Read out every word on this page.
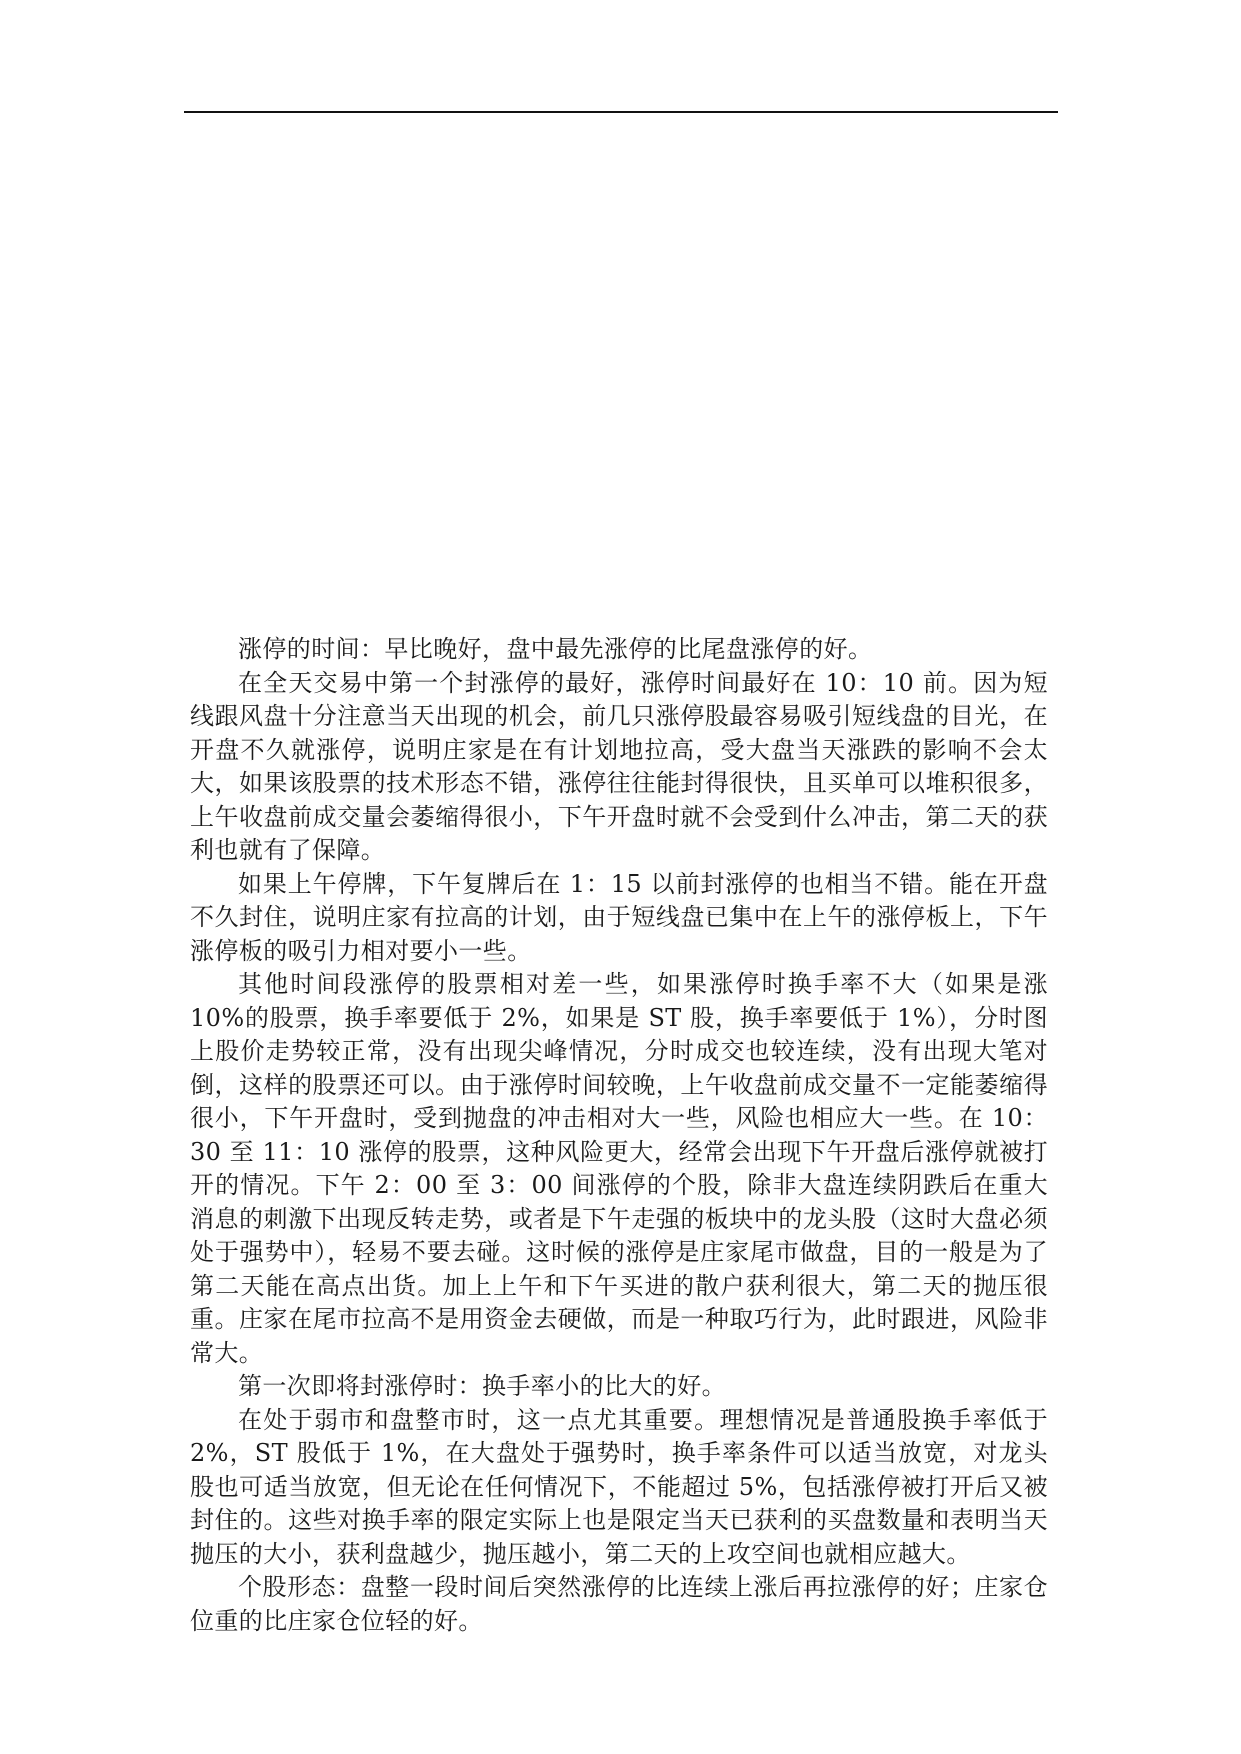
涨停的时间：早比晚好，盘中最先涨停的比尾盘涨停的好。

在全天交易中第一个封涨停的最好，涨停时间最好在 10：10 前。因为短线跟风盘十分注意当天出现的机会，前几只涨停股最容易吸引短线盘的目光，在开盘不久就涨停，说明庄家是在有计划地拉高，受大盘当天涨跌的影响不会太大，如果该股票的技术形态不错，涨停往往能封得很快，且买单可以堆积很多，上午收盘前成交量会萎缩得很小，下午开盘时就不会受到什么冲击，第二天的获利也就有了保障。

如果上午停牌，下午复牌后在 1：15 以前封涨停的也相当不错。能在开盘不久封住，说明庄家有拉高的计划，由于短线盘已集中在上午的涨停板上，下午涨停板的吸引力相对要小一些。

其他时间段涨停的股票相对差一些，如果涨停时换手率不大（如果是涨 10%的股票，换手率要低于 2%，如果是 ST 股，换手率要低于 1%），分时图上股价走势较正常，没有出现尖峰情况，分时成交也较连续，没有出现大笔对倒，这样的股票还可以。由于涨停时间较晚，上午收盘前成交量不一定能萎缩得很小，下午开盘时，受到抛盘的冲击相对大一些，风险也相应大一些。在 10：30 至 11：10 涨停的股票，这种风险更大，经常会出现下午开盘后涨停就被打开的情况。下午 2：00 至 3：00 间涨停的个股，除非大盘连续阴跌后在重大消息的刺激下出现反转走势，或者是下午走强的板块中的龙头股（这时大盘必须处于强势中），轻易不要去碰。这时候的涨停是庄家尾市做盘，目的一般是为了第二天能在高点出货。加上上午和下午买进的散户获利很大，第二天的抛压很重。庄家在尾市拉高不是用资金去硬做，而是一种取巧行为，此时跟进，风险非常大。

第一次即将封涨停时：换手率小的比大的好。

在处于弱市和盘整市时，这一点尤其重要。理想情况是普通股换手率低于 2%，ST 股低于 1%，在大盘处于强势时，换手率条件可以适当放宽，对龙头股也可适当放宽，但无论在任何情况下，不能超过 5%，包括涨停被打开后又被封住的。这些对换手率的限定实际上也是限定当天已获利的买盘数量和表明当天抛压的大小，获利盘越少，抛压越小，第二天的上攻空间也就相应越大。

个股形态：盘整一段时间后突然涨停的比连续上涨后再拉涨停的好；庄家仓位重的比庄家仓位轻的好。
